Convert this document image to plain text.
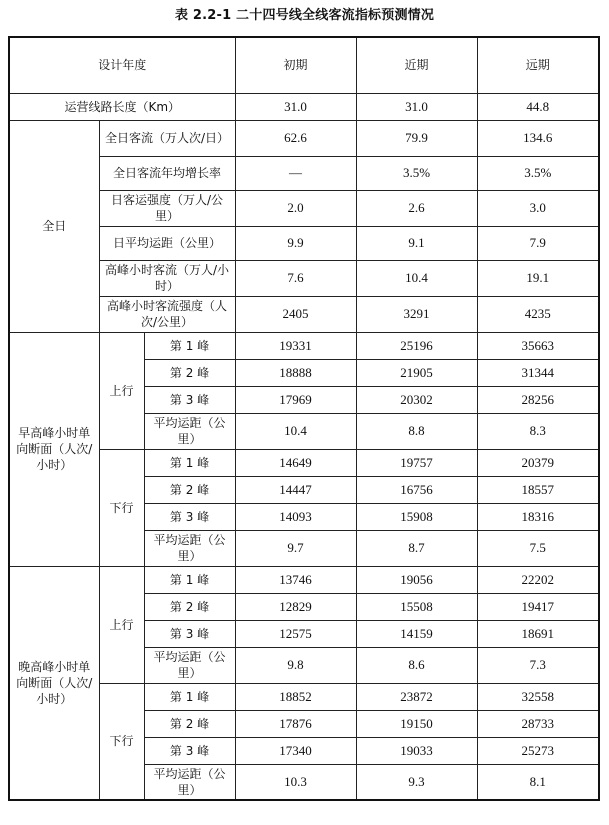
表 2.2-1 二十四号线全线客流指标预测情况
设计年度			初期	近期	远期
运营线路长度（Km）			31.0	31.0	44.8
全日	全日客流（万人次/日）		62.6	79.9	134.6
	全日客流年均增长率		—	3.5%	3.5%
	日客运强度（万人/公里）		2.0	2.6	3.0
	日平均运距（公里）		9.9	9.1	7.9
	高峰小时客流（万人/小时）		7.6	10.4	19.1
	高峰小时客流强度（人次/公里）		2405	3291	4235
早高峰小时单向断面（人次/小时）	上行	第 1 峰	19331	25196	35663
		第 2 峰	18888	21905	31344
		第 3 峰	17969	20302	28256
		平均运距（公里）	10.4	8.8	8.3
	下行	第 1 峰	14649	19757	20379
		第 2 峰	14447	16756	18557
		第 3 峰	14093	15908	18316
		平均运距（公里）	9.7	8.7	7.5
晚高峰小时单向断面（人次/小时）	上行	第 1 峰	13746	19056	22202
		第 2 峰	12829	15508	19417
		第 3 峰	12575	14159	18691
		平均运距（公里）	9.8	8.6	7.3
	下行	第 1 峰	18852	23872	32558
		第 2 峰	17876	19150	28733
		第 3 峰	17340	19033	25273
		平均运距（公里）	10.3	9.3	8.1
